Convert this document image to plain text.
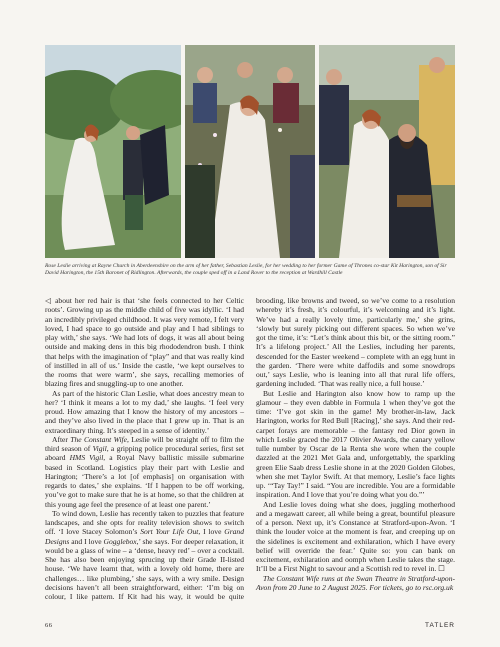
Rose Leslie arriving at Rayne Church in Aberdeenshire on the arm of her father, Sebastian Leslie, for her wedding to her former Game of Thrones co-star Kit Harington, son of Sir David Harington, the 15th Baronet of Ridlington. Afterwards, the couple sped off in a Land Rover to the reception at Wardhill Castle

◁ about her red hair is that ‘she feels connected to her Celtic roots’. Growing up as the middle child of five was idyllic. ‘I had an incredibly privileged childhood. It was very remote, I felt very loved, I had space to go outside and play and I had siblings to play with,’ she says. ‘We had lots of dogs, it was all about being outside and making dens in this big rhododendron bush. I think that helps with the imagination of “play” and that was really kind of instilled in all of us.’ Inside the castle, ‘we kept ourselves to the rooms that were warm’, she says, recalling memories of blazing fires and snuggling-up to one another.

As part of the historic Clan Leslie, what does ancestry mean to her? ‘I think it means a lot to my dad,’ she laughs. ‘I feel very proud. How amazing that I know the history of my ancestors – and they’ve also lived in the place that I grew up in. That is an extraordinary thing. It’s steeped in a sense of identity.’

After The Constant Wife, Leslie will be straight off to film the third season of Vigil, a gripping police procedural series, first set aboard HMS Vigil, a Royal Navy ballistic missile submarine based in Scotland. Logistics play their part with Leslie and Harington; ‘There’s a lot [of emphasis] on organisation with regards to dates,’ she explains. ‘If I happen to be off working, you’ve got to make sure that he is at home, so that the children at this young age feel the presence of at least one parent.’

To wind down, Leslie has recently taken to puzzles that feature landscapes, and she opts for reality television shows to switch off. ‘I love Stacey Solomon’s Sort Your Life Out, I love Grand Designs and I love Gogglebox,’ she says. For deeper relaxation, it would be a glass of wine – a ‘dense, heavy red’ – over a cocktail. She has also been enjoying sprucing up their Grade II-listed house. ‘We have learnt that, with a lovely old home, there are challenges… like plumbing,’ she says, with a wry smile. Design decisions haven’t all been straightforward, either: ‘I’m big on colour, I like pattern. If Kit had his way, it would be quite brooding, like browns and tweed, so we’ve come to a resolution whereby it’s fresh, it’s colourful, it’s welcoming and it’s light. We’ve had a really lovely time, particularly me,’ she grins, ‘slowly but surely picking out different spaces. So when we’ve got the time, it’s: “Let’s think about this bit, or the sitting room.” It’s a lifelong project.’ All the Leslies, including her parents, descended for the Easter weekend – complete with an egg hunt in the garden. ‘There were white daffodils and some snowdrops out,’ says Leslie, who is leaning into all that rural life offers, gardening included. ‘That was really nice, a full house.’

But Leslie and Harington also know how to ramp up the glamour – they even dabble in Formula 1 when they’ve got the time: ‘I’ve got skin in the game! My brother-in-law, Jack Harington, works for Red Bull [Racing],’ she says. And their red-carpet forays are memorable – the fantasy red Dior gown in which Leslie graced the 2017 Olivier Awards, the canary yellow tulle number by Oscar de la Renta she wore when the couple dazzled at the 2021 Met Gala and, unforgettably, the sparkling green Elie Saab dress Leslie shone in at the 2020 Golden Globes, when she met Taylor Swift. At that memory, Leslie’s face lights up. ‘“Tay Tay!” I said. “You are incredible. You are a formidable inspiration. And I love that you’re doing what you do.”’

And Leslie loves doing what she does, juggling motherhood and a megawatt career, all while being a great, bountiful pleasure of a person. Next up, it’s Constance at Stratford-upon-Avon. ‘I think the louder voice at the moment is fear, and creeping up on the sidelines is excitement and exhilaration, which I have every belief will override the fear.’ Quite so: you can bank on excitement, exhilaration and oomph when Leslie takes the stage. It’ll be a First Night to savour and a Scottish red to revel in. ☐

The Constant Wife runs at the Swan Theatre in Stratford-upon-Avon from 20 June to 2 August 2025. For tickets, go to rsc.org.uk

66	TATLER
